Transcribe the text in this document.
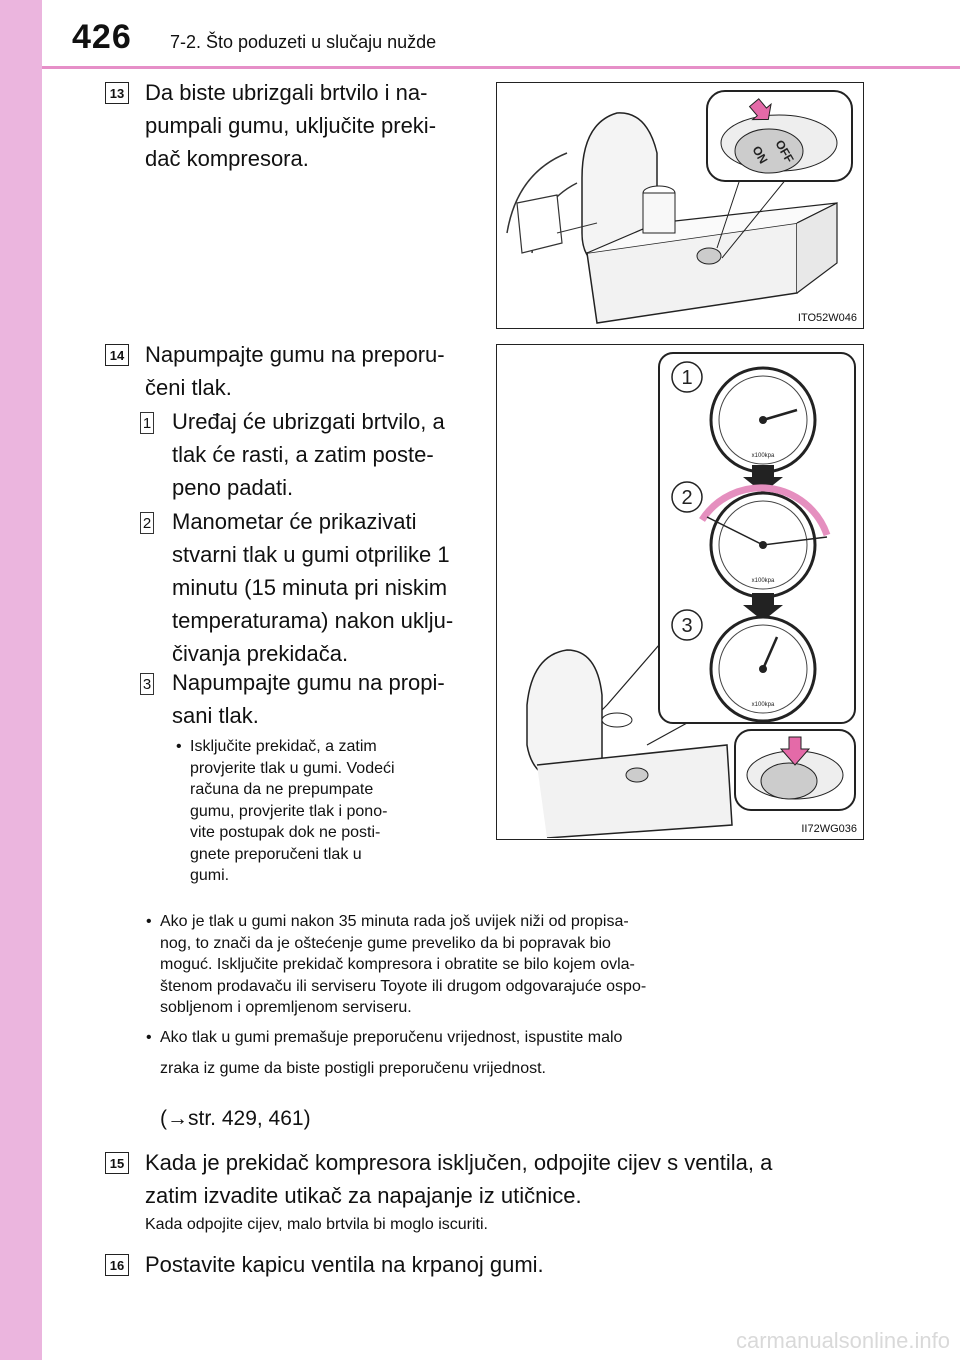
426 7-2. Što poduzeti u slučaju nužde
13 Da biste ubrizgali brtvilo i na-
pumpali gumu, uključite preki-
dač kompresora.	ON OFF
ITO52W046
14 Napumpajte gumu na preporu-
čeni tlak.
1 Uređaj će ubrizgati brtvilo, a
tlak će rasti, a zatim poste-
peno padati.
2 Manometar će prikazivati
stvarni tlak u gumi otprilike 1
minutu (15 minuta pri niskim
temperaturama) nakon uklju-
čivanja prekidača.
3 Napumpajte gumu na propi-
sani tlak.
• Isključite prekidač, a zatim
provjerite tlak u gumi. Vodeći
računa da ne prepumpate
gumu, provjerite tlak i pono-
vite postupak dok ne posti-
gnete preporučeni tlak u
gumi.
1
2
3
x100kpa
x100kpa
x100kpa
II72WG036
• Ako je tlak u gumi nakon 35 minuta rada još uvijek niži od propisa-
nog, to znači da je oštećenje gume preveliko da bi popravak bio
moguć. Isključite prekidač kompresora i obratite se bilo kojem ovla-
štenom prodavaču ili serviseru Toyote ili drugom odgovarajuće ospo-
sobljenom i opremljenom serviseru.
• Ako tlak u gumi premašuje preporučenu vrijednost, ispustite malo
zraka iz gume da biste postigli preporučenu vrijednost.
(→str. 429, 461)
15 Kada je prekidač kompresora isključen, odpojite cijev s ventila, a
zatim izvadite utikač za napajanje iz utičnice.
Kada odpojite cijev, malo brtvila bi moglo iscuriti.
16 Postavite kapicu ventila na krpanoj gumi.
carmanualsonline.info
